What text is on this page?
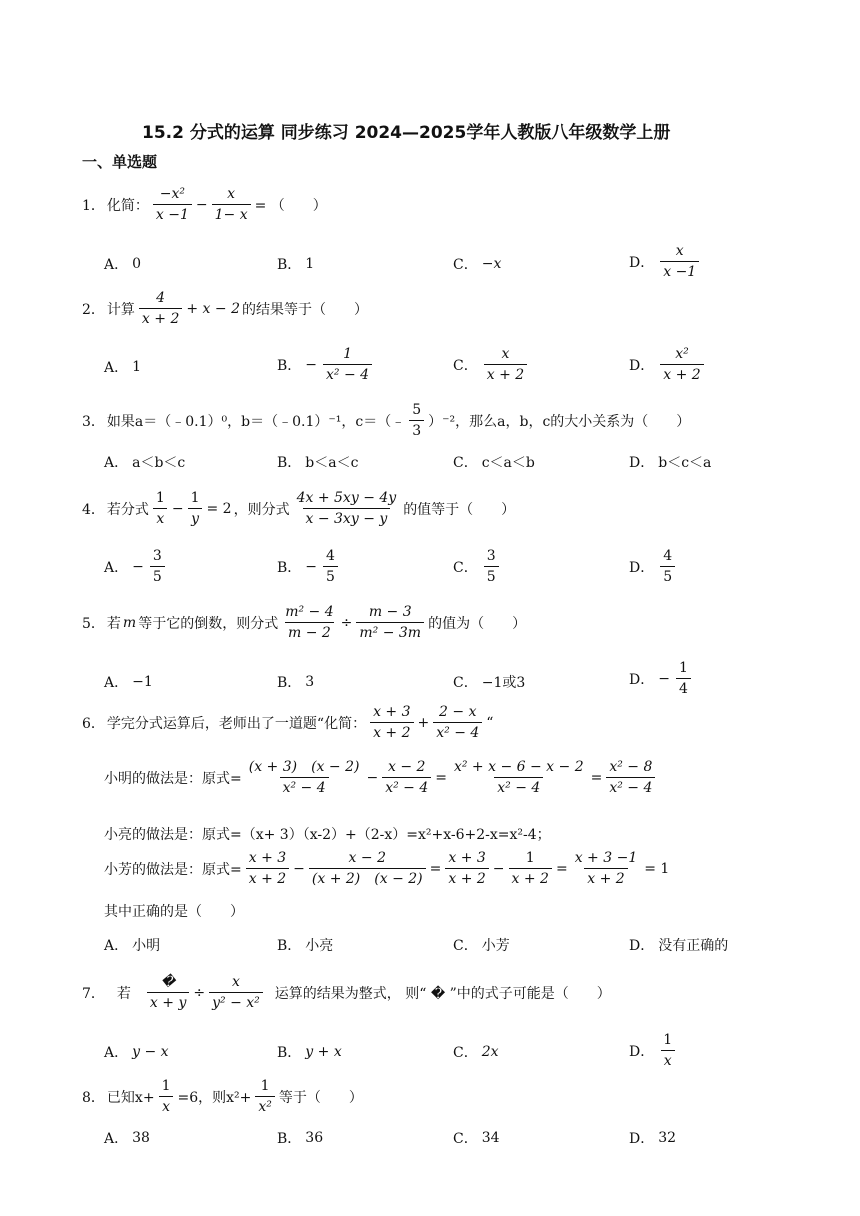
15.2 分式的运算 同步练习 2024—2025学年人教版八年级数学上册
一、单选题
1． 化简： $\frac{\text{−x²}}{x -1} - \frac{x}{1- x}$ = （　　）
A． 0	B． 1	C． −x	D． $\frac{x}{x -1}$
2． 计算 $\frac{4}{x + 2} + x - 2$ 的结果等于（　　）
A． 1	B． − $\frac{1}{\text{x² − 4}}$	C． $\frac{x}{x + 2}$	D． $\frac{\text{x²}}{x + 2}$
3． 如果a＝（﹣0.1）⁰，b＝（﹣0.1）⁻¹，c＝（﹣ $\frac{5}{3} )^{-2}$，那么a，b，c的大小关系为（　　）
A． a＜b＜c	B． b＜a＜c	C． c＜a＜b	D． b＜c＜a
4． 若分式 $\frac{1}{x} - \frac{1}{y} = 2$ ，则分式 $\frac{4x + 5xy - 4y}{x - 3xy - y}$ 的值等于（　　）
A． − $\frac{3}{5}$	B． − $\frac{4}{5}$	C． $\frac{3}{5}$	D． $\frac{4}{5}$
5． 若 m 等于它的倒数，则分式 $\frac{\text{m² − 4}}{m - 2} \div \frac{m - 3}{\text{m² − 3m}}$ 的值为（　　）
A． −1	B． 3	C． −1或3	D． − $\frac{1}{4}$
6． 学完分式运算后，老师出了一道题“化简： $\frac{x + 3}{x + 2} + \frac{2 - x}{\text{x² − 4}}$ “
小明的做法是：原式= $\frac{(x + 3) (x - 2)}{\text{x² − 4}} - \frac{x - 2}{\text{x² − 4}} = \frac{\text{x² + x − 6 − x − 2}}{\text{x² − 4}} = \frac{\text{x² − 8}}{\text{x² − 4}}$
小亮的做法是：原式=（x+ 3）（x-2）+（2-x）=x²+x-6+2-x=x²-4；
小芳的做法是：原式= $\frac{x + 3}{x + 2} - \frac{x - 2}{(x + 2) (x - 2)} = \frac{x + 3}{x + 2} - \frac{1}{x + 2} = \frac{x + 3 -1}{x + 2} = 1$
其中正确的是（　　）
A． 小明	B． 小亮	C． 小芳	D． 没有正确的
7． 若 $\frac{�}{x + y} \div \frac{x}{\text{y² − x²}}$ 运算的结果为整式， 则“ � ”中的式子可能是（　　）
A． y − x	B． y + x	C． 2x	D． $\frac{1}{x}$
8． 已知$x+ \frac{1}{x} =6$，则$x^2+ \frac{1}{\text{x²}}$ 等于（　　）
A． 38	B． 36	C． 34	D． 32
